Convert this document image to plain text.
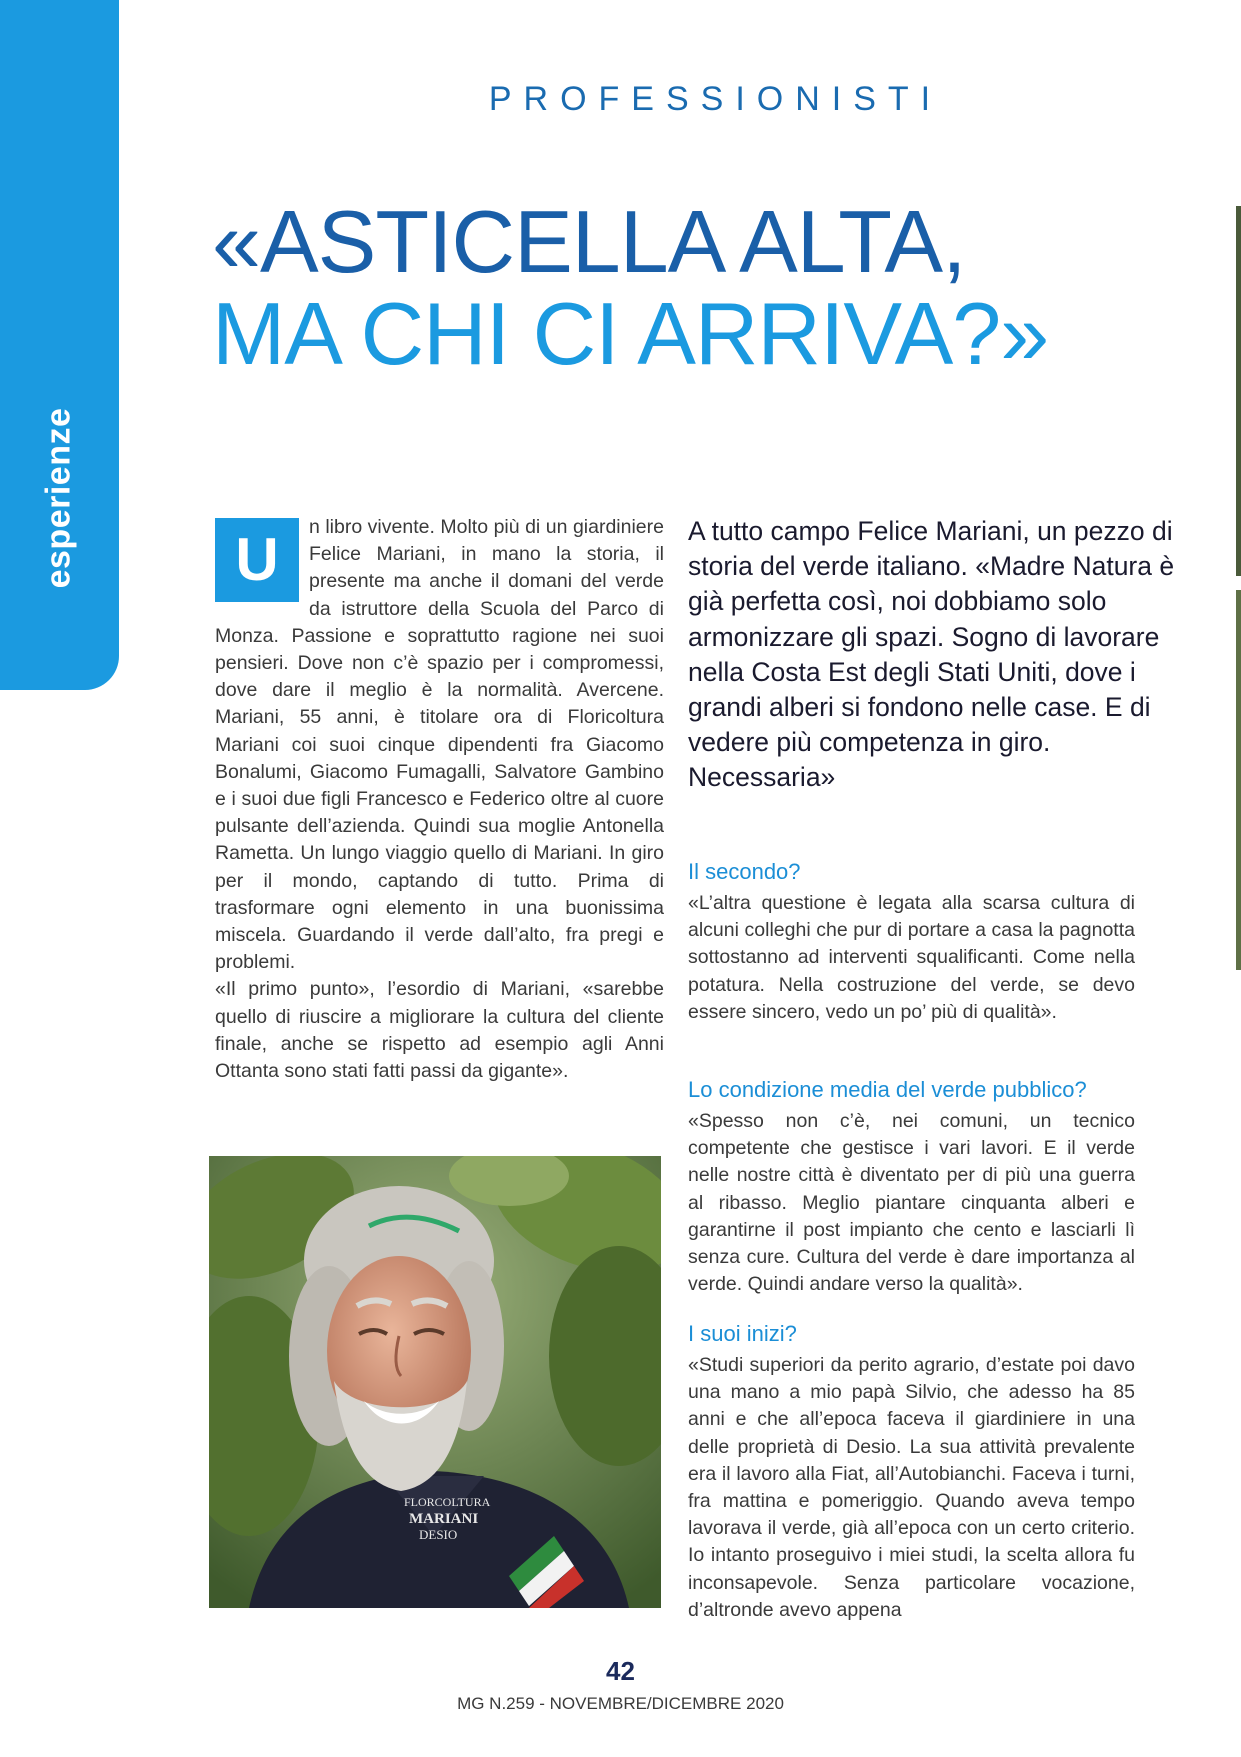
esperienze
PROFESSIONISTI
«ASTICELLA ALTA,
MA CHI CI ARRIVA?»
U	n libro vivente. Molto più di un giardiniere Felice Mariani, in mano la storia, il presente ma anche il domani del verde da istruttore della Scuola del Parco di Monza. Passione e soprattutto ragione nei suoi pensieri. Dove non c’è spazio per i compromessi, dove dare il meglio è la normalità. Avercene. Mariani, 55 anni, è titolare ora di Floricoltura Mariani coi suoi cinque dipendenti fra Giacomo Bonalumi, Giacomo Fumagalli, Salvatore Gambino e i suoi due figli Francesco e Federico oltre al cuore pulsante dell’azienda. Quindi sua moglie Antonella Rametta. Un lungo viaggio quello di Mariani. In giro per il mondo, captando di tutto. Prima di trasformare ogni elemento in una buonissima miscela. Guardando il verde dall’alto, fra pregi e problemi.

«Il primo punto», l’esordio di Mariani, «sarebbe quello di riuscire a migliorare la cultura del cliente finale, anche se rispetto ad esempio agli Anni Ottanta sono stati fatti passi da gigante».

A tutto campo Felice Mariani, un pezzo di storia del verde italiano. «Madre Natura è già perfetta così, noi dobbiamo solo armonizzare gli spazi. Sogno di lavorare nella Costa Est degli Stati Uniti, dove i grandi alberi si fondono nelle case. E di vedere più competenza in giro. Necessaria»

Il secondo?

«L’altra questione è legata alla scarsa cultura di alcuni colleghi che pur di portare a casa la pagnotta sottostanno ad interventi squalificanti. Come nella potatura. Nella costruzione del verde, se devo essere sincero, vedo un po’ più di qualità».

Lo condizione media del verde pubblico?

«Spesso non c’è, nei comuni, un tecnico competente che gestisce i vari lavori. E il verde nelle nostre città è diventato per di più una guerra al ribasso. Meglio piantare cinquanta alberi e garantirne il post impianto che cento e lasciarli lì senza cure. Cultura del verde è dare importanza al verde. Quindi andare verso la qualità».

I suoi inizi?

«Studi superiori da perito agrario, d’estate poi davo una mano a mio papà Silvio, che adesso ha 85 anni e che all’epoca faceva il giardiniere in una delle proprietà di Desio. La sua attività prevalente era il lavoro alla Fiat, all’Autobianchi. Faceva i turni, fra mattina e pomeriggio. Quando aveva tempo lavorava il verde, già all’epoca con un certo criterio. Io intanto proseguivo i miei studi, la scelta allora fu inconsapevole. Senza particolare vocazione, d’altronde avevo appena

FLORCOLTURA
MARIANI
DESIO
42
MG N.259 - NOVEMBRE/DICEMBRE 2020
